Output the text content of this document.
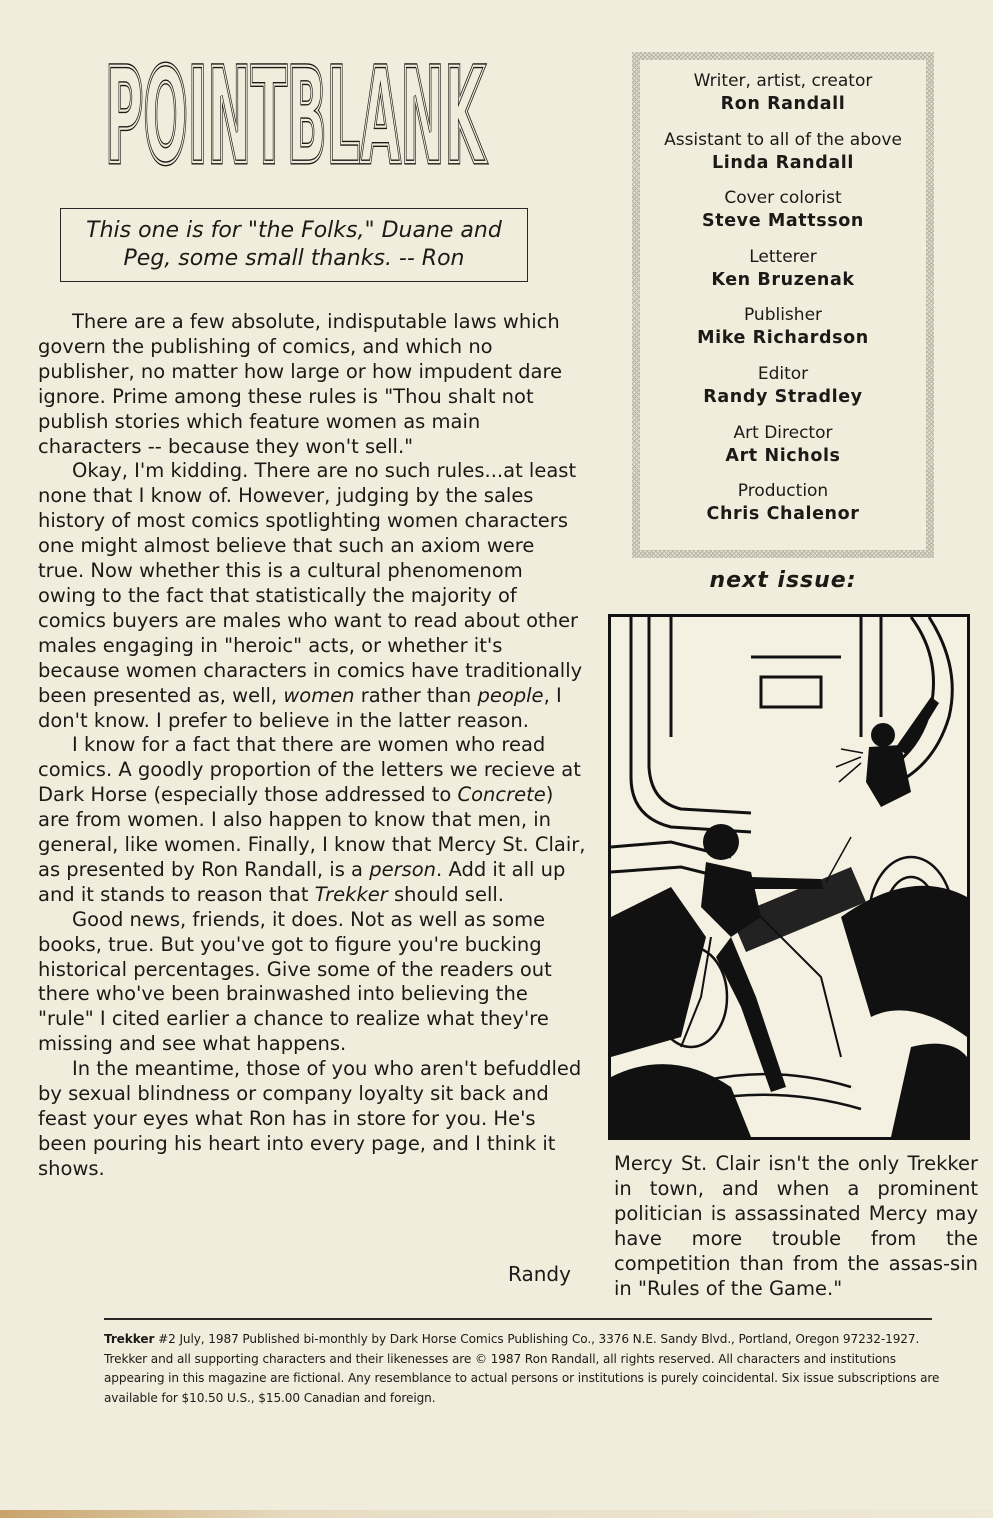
POINTBLANK
POINTBLANK
This one is for "the Folks," Duane and
Peg, some small thanks. -- Ron

There are a few absolute, indisputable laws which govern the publishing of comics, and which no publisher, no matter how large or how impudent dare ignore. Prime among these rules is "Thou shalt not publish stories which feature women as main characters -- because they won't sell."

Okay, I'm kidding. There are no such rules...at least none that I know of. However, judging by the sales history of most comics spotlighting women characters one might almost believe that such an axiom were true. Now whether this is a cultural phenomenom owing to the fact that statistically the majority of comics buyers are males who want to read about other males engaging in "heroic" acts, or whether it's because women characters in comics have traditionally been presented as, well, women rather than people, I don't know. I prefer to believe in the latter reason.

I know for a fact that there are women who read comics. A goodly proportion of the letters we recieve at Dark Horse (especially those addressed to Concrete) are from women. I also happen to know that men, in general, like women. Finally, I know that Mercy St. Clair, as presented by Ron Randall, is a person. Add it all up and it stands to reason that Trekker should sell.

Good news, friends, it does. Not as well as some books, true. But you've got to figure you're bucking historical percentages. Give some of the readers out there who've been brainwashed into believing the "rule" I cited earlier a chance to realize what they're missing and see what happens.

In the meantime, those of you who aren't befuddled by sexual blindness or company loyalty sit back and feast your eyes what Ron has in store for you. He's been pouring his heart into every page, and I think it shows.

Randy
Writer, artist, creator
Ron Randall
Assistant to all of the above
Linda Randall
Cover colorist
Steve Mattsson
Letterer
Ken Bruzenak
Publisher
Mike Richardson
Editor
Randy Stradley
Art Director
Art Nichols
Production
Chris Chalenor
next issue:
Mercy St. Clair isn't the only Trekker in town, and when a prominent politician is assassinated Mercy may have more trouble from the competition than from the assas-sin in "Rules of the Game."
Trekker #2 July, 1987 Published bi-monthly by Dark Horse Comics Publishing Co., 3376 N.E. Sandy Blvd., Portland, Oregon 97232-1927. Trekker and all supporting characters and their likenesses are © 1987 Ron Randall, all rights reserved. All characters and institutions appearing in this magazine are fictional. Any resemblance to actual persons or institutions is purely coincidental. Six issue subscriptions are available for $10.50 U.S., $15.00 Canadian and foreign.
